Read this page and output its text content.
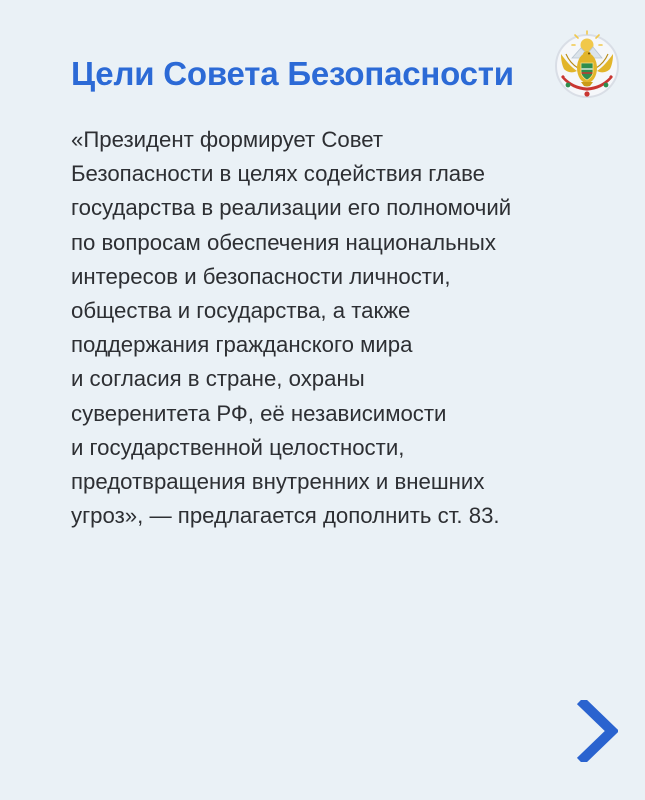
Цели Совета Безопасности
«Президент формирует Совет
Безопасности в целях содействия главе
государства в реализации его полномочий
по вопросам обеспечения национальных
интересов и безопасности личности,
общества и государства, а также
поддержания гражданского мира
и согласия в стране, охраны
суверенитета РФ, её независимости
и государственной целостности,
предотвращения внутренних и внешних
угроз», — предлагается дополнить ст. 83.
